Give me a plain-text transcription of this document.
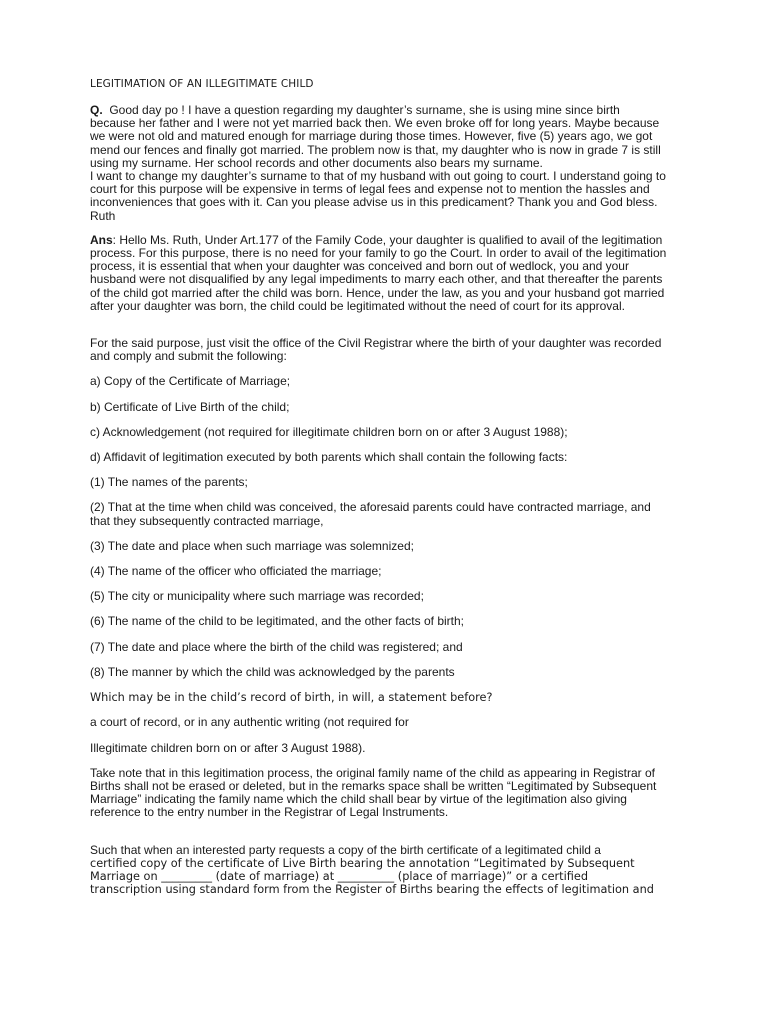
LEGITIMATION OF AN ILLEGITIMATE CHILD

Q. Good day po ! I have a question regarding my daughter’s surname, she is using mine since birth because her father and I were not yet married back then. We even broke off for long years. Maybe because we were not old and matured enough for marriage during those times. However, five (5) years ago, we got mend our fences and finally got married. The problem now is that, my daughter who is now in grade 7 is still using my surname. Her school records and other documents also bears my surname.

I want to change my daughter’s surname to that of my husband with out going to court. I understand going to court for this purpose will be expensive in terms of legal fees and expense not to mention the hassles and inconveniences that goes with it. Can you please advise us in this predicament? Thank you and God bless. Ruth

Ans: Hello Ms. Ruth, Under Art.177 of the Family Code, your daughter is qualified to avail of the legitimation process. For this purpose, there is no need for your family to go the Court. In order to avail of the legitimation process, it is essential that when your daughter was conceived and born out of wedlock, you and your husband were not disqualified by any legal impediments to marry each other, and that thereafter the parents of the child got married after the child was born. Hence, under the law, as you and your husband got married after your daughter was born, the child could be legitimated without the need of court for its approval.

For the said purpose, just visit the office of the Civil Registrar where the birth of your daughter was recorded and comply and submit the following:

a) Copy of the Certificate of Marriage;

b) Certificate of Live Birth of the child;

c) Acknowledgement (not required for illegitimate children born on or after 3 August 1988);

d) Affidavit of legitimation executed by both parents which shall contain the following facts:

(1) The names of the parents;

(2) That at the time when child was conceived, the aforesaid parents could have contracted marriage, and that they subsequently contracted marriage,

(3) The date and place when such marriage was solemnized;

(4) The name of the officer who officiated the marriage;

(5) The city or municipality where such marriage was recorded;

(6) The name of the child to be legitimated, and the other facts of birth;

(7) The date and place where the birth of the child was registered; and

(8) The manner by which the child was acknowledged by the parents

Which may be in the child’s record of birth, in will, a statement before?

a court of record, or in any authentic writing (not required for

Illegitimate children born on or after 3 August 1988).

Take note that in this legitimation process, the original family name of the child as appearing in Registrar of Births shall not be erased or deleted, but in the remarks space shall be written “Legitimated by Subsequent Marriage” indicating the family name which the child shall bear by virtue of the legitimation also giving reference to the entry number in the Registrar of Legal Instruments.

Such that when an interested party requests a copy of the birth certificate of a legitimated child a

certified copy of the certificate of Live Birth bearing the annotation “Legitimated by Subsequent

Marriage on _________ (date of marriage) at __________ (place of marriage)” or a certified

transcription using standard form from the Register of Births bearing the effects of legitimation and
